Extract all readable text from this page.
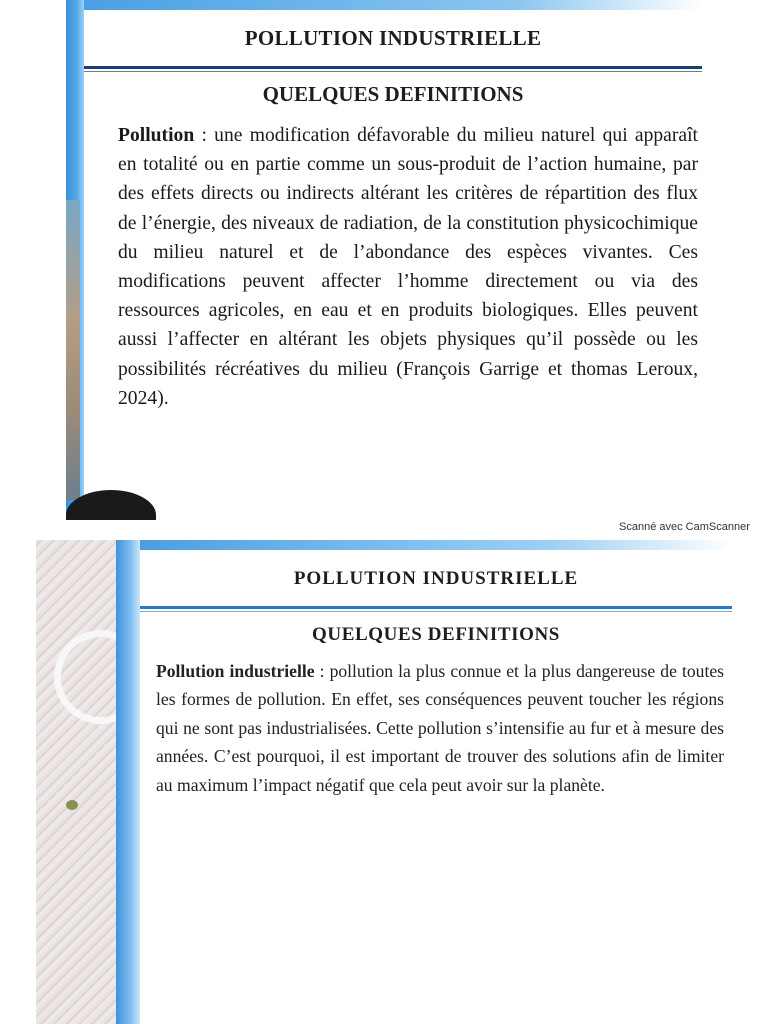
POLLUTION INDUSTRIELLE
QUELQUES DEFINITIONS
Pollution : une modification défavorable du milieu naturel qui apparaît en totalité ou en partie comme un sous-produit de l’action humaine, par des effets directs ou indirects altérant les critères de répartition des flux de l’énergie, des niveaux de radiation, de la constitution physicochimique du milieu naturel et de l’abondance des espèces vivantes. Ces modifications peuvent affecter l’homme directement ou via des ressources agricoles, en eau et en produits biologiques. Elles peuvent aussi l’affecter en altérant les objets physiques qu’il possède ou les possibilités récréatives du milieu (François Garrige et thomas Leroux, 2024).
Scanné avec CamScanner
POLLUTION INDUSTRIELLE
QUELQUES DEFINITIONS
Pollution industrielle : pollution la plus connue et la plus dangereuse de toutes les formes de pollution. En effet, ses conséquences peuvent toucher les régions qui ne sont pas industrialisées. Cette pollution s’intensifie au fur et à mesure des années. C’est pourquoi, il est important de trouver des solutions afin de limiter au maximum l’impact négatif que cela peut avoir sur la planète.
